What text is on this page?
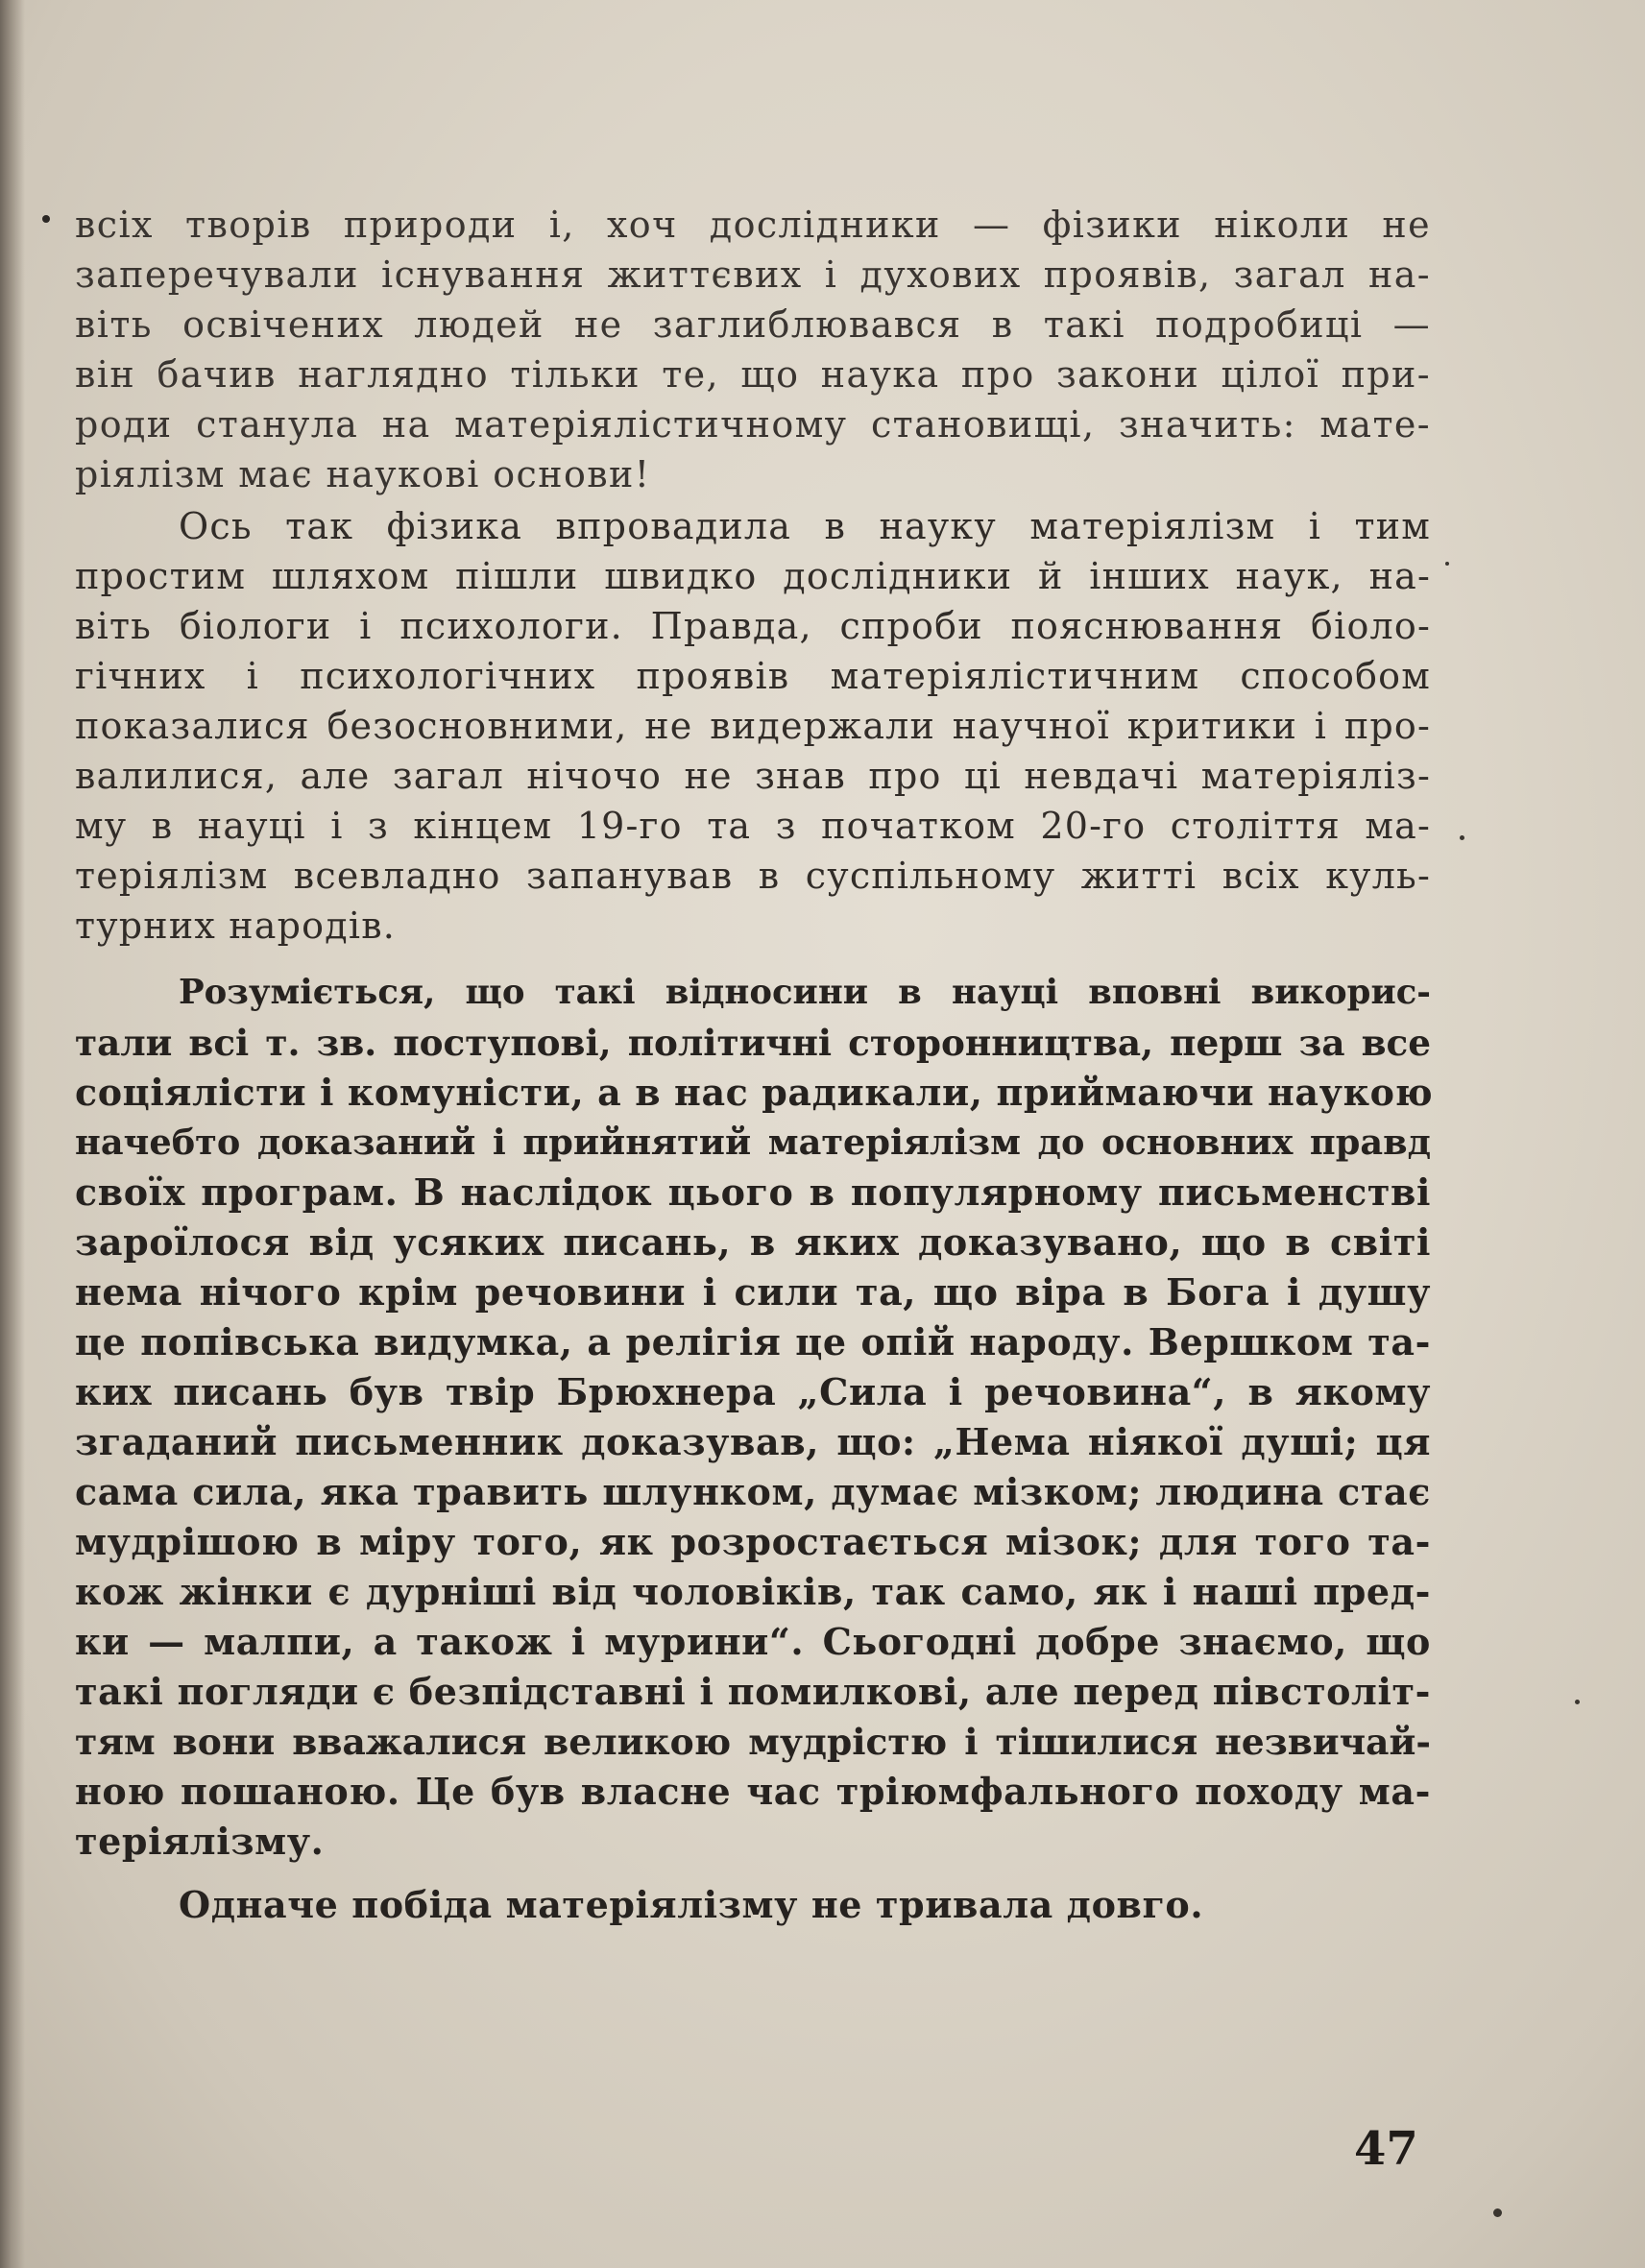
всіх творів природи і, хоч дослідники — фізики ніколи не
заперечували існування життєвих і духових проявів, загал на-
віть освічених людей не заглиблювався в такі подробиці —
він бачив наглядно тільки те, що наука про закони цілої при-
роди станула на матеріялістичному становищі, значить: мате-
ріялізм має наукові основи!
Ось так фізика впровадила в науку матеріялізм і тим
простим шляхом пішли швидко дослідники й інших наук, на-
віть біологи і психологи. Правда, спроби пояснювання біоло-
гічних і психологічних проявів матеріялістичним способом
показалися безосновними, не видержали научної критики і про-
валилися, але загал нічочо не знав про ці невдачі матеріялiз-
му в науці і з кінцем 19-го та з початком 20-го століття ма-
теріялізм всевладно запанував в суспільному житті всіх куль-
турних народів.
Розуміється, що такі відносини в науці вповні викорис-
тали всі т. зв. поступові, політичні сторонництва, перш за все
соціялісти і комуністи, а в нас радикали, приймаючи наукою
начебто доказаний і прийнятий матеріялізм до основних правд
своїх програм. В наслідок цього в популярному письменстві
зароїлося від усяких писань, в яких доказувано, що в світі
нема нічого крім речовини і сили та, що віра в Бога і душу
це попівська видумка, а релігія це опій народу. Вершком та-
ких писань був твір Брюхнера „Сила і речовина“, в якому
згаданий письменник доказував, що: „Нема ніякої душі; ця
сама сила, яка травить шлунком, думає мізком; людина стає
мудрішою в міру того, як розростається мізок; для того та-
кож жінки є дурніші від чоловіків, так само, як і наші пред-
ки — малпи, а також і мурини“. Сьогодні добре знаємо, що
такі погляди є безпідставні і помилкові, але перед півстоліт-
тям вони вважалися великою мудрістю і тішилися незвичай-
ною пошаною. Це був власне час тріюмфального походу ма-
теріялізму.
Одначе побіда матеріялізму не тривала довго.
47
